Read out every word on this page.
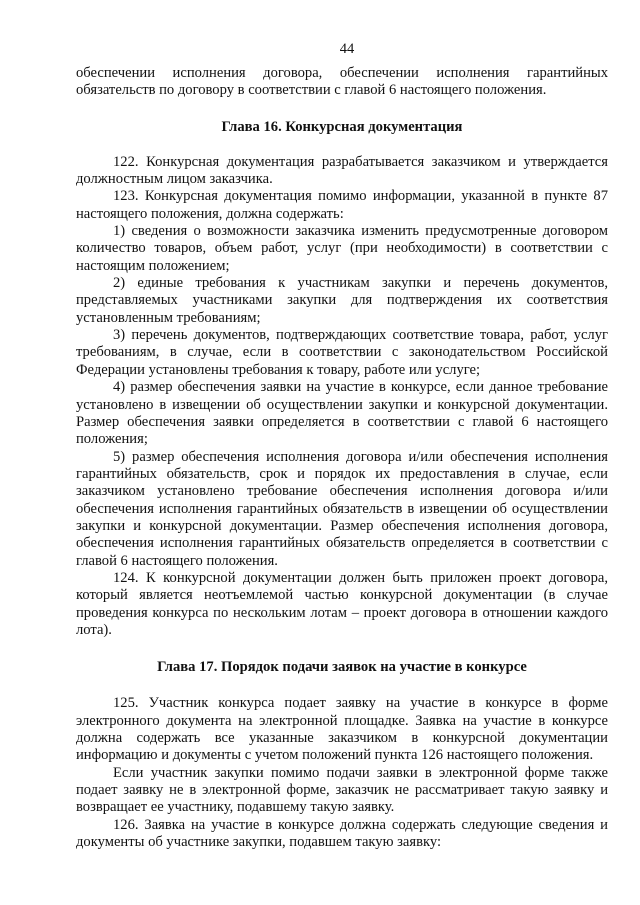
44

обеспечении исполнения договора, обеспечении исполнения гарантийных обязательств по договору в соответствии с главой 6 настоящего положения.

Глава 16. Конкурсная документация

122. Конкурсная документация разрабатывается заказчиком и утверждается должностным лицом заказчика.

123. Конкурсная документация помимо информации, указанной в пункте 87 настоящего положения, должна содержать:

1) сведения о возможности заказчика изменить предусмотренные договором количество товаров, объем работ, услуг (при необходимости) в соответствии с настоящим положением;

2) единые требования к участникам закупки и перечень документов, представляемых участниками закупки для подтверждения их соответствия установленным требованиям;

3) перечень документов, подтверждающих соответствие товара, работ, услуг требованиям, в случае, если в соответствии с законодательством Российской Федерации установлены требования к товару, работе или услуге;

4) размер обеспечения заявки на участие в конкурсе, если данное требование установлено в извещении об осуществлении закупки и конкурсной документации. Размер обеспечения заявки определяется в соответствии с главой 6 настоящего положения;

5) размер обеспечения исполнения договора и/или обеспечения исполнения гарантийных обязательств, срок и порядок их предоставления в случае, если заказчиком установлено требование обеспечения исполнения договора и/или обеспечения исполнения гарантийных обязательств в извещении об осуществлении закупки и конкурсной документации. Размер обеспечения исполнения договора, обеспечения исполнения гарантийных обязательств определяется в соответствии с главой 6 настоящего положения.

124. К конкурсной документации должен быть приложен проект договора, который является неотъемлемой частью конкурсной документации (в случае проведения конкурса по нескольким лотам – проект договора в отношении каждого лота).

Глава 17. Порядок подачи заявок на участие в конкурсе

125. Участник конкурса подает заявку на участие в конкурсе в форме электронного документа на электронной площадке. Заявка на участие в конкурсе должна содержать все указанные заказчиком в конкурсной документации информацию и документы с учетом положений пункта 126 настоящего положения.

Если участник закупки помимо подачи заявки в электронной форме также подает заявку не в электронной форме, заказчик не рассматривает такую заявку и возвращает ее участнику, подавшему такую заявку.

126. Заявка на участие в конкурсе должна содержать следующие сведения и документы об участнике закупки, подавшем такую заявку:
